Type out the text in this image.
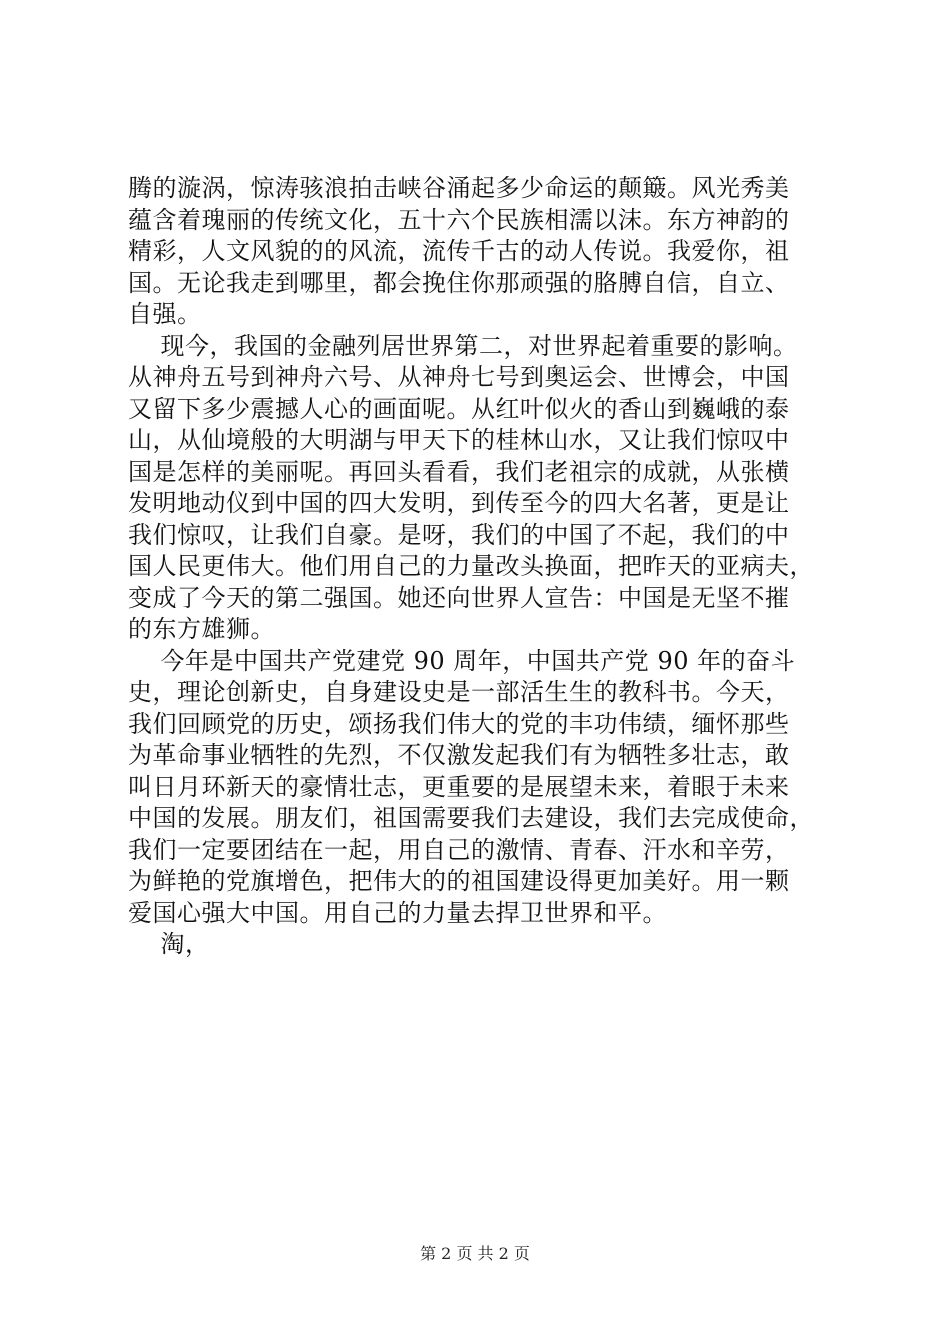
腾的漩涡，惊涛骇浪拍击峡谷涌起多少命运的颠簸。风光秀美
蕴含着瑰丽的传统文化，五十六个民族相濡以沫。东方神韵的
精彩，人文风貌的的风流，流传千古的动人传说。我爱你，祖
国。无论我走到哪里，都会挽住你那顽强的胳膊自信，自立、
自强。
现今，我国的金融列居世界第二，对世界起着重要的影响。
从神舟五号到神舟六号、从神舟七号到奥运会、世博会，中国
又留下多少震撼人心的画面呢。从红叶似火的香山到巍峨的泰
山，从仙境般的大明湖与甲天下的桂林山水，又让我们惊叹中
国是怎样的美丽呢。再回头看看，我们老祖宗的成就，从张横
发明地动仪到中国的四大发明，到传至今的四大名著，更是让
我们惊叹，让我们自豪。是呀，我们的中国了不起，我们的中
国人民更伟大。他们用自己的力量改头换面，把昨天的亚病夫，
变成了今天的第二强国。她还向世界人宣告：中国是无坚不摧
的东方雄狮。
今年是中国共产党建党 90 周年，中国共产党 90 年的奋斗
史，理论创新史，自身建设史是一部活生生的教科书。今天，
我们回顾党的历史，颂扬我们伟大的党的丰功伟绩，缅怀那些
为革命事业牺牲的先烈，不仅激发起我们有为牺牲多壮志，敢
叫日月环新天的豪情壮志，更重要的是展望未来，着眼于未来
中国的发展。朋友们，祖国需要我们去建设，我们去完成使命，
我们一定要团结在一起，用自己的激情、青春、汗水和辛劳，
为鲜艳的党旗增色，把伟大的的祖国建设得更加美好。用一颗
爱国心强大中国。用自己的力量去捍卫世界和平。
淘，
第 2 页 共 2 页
